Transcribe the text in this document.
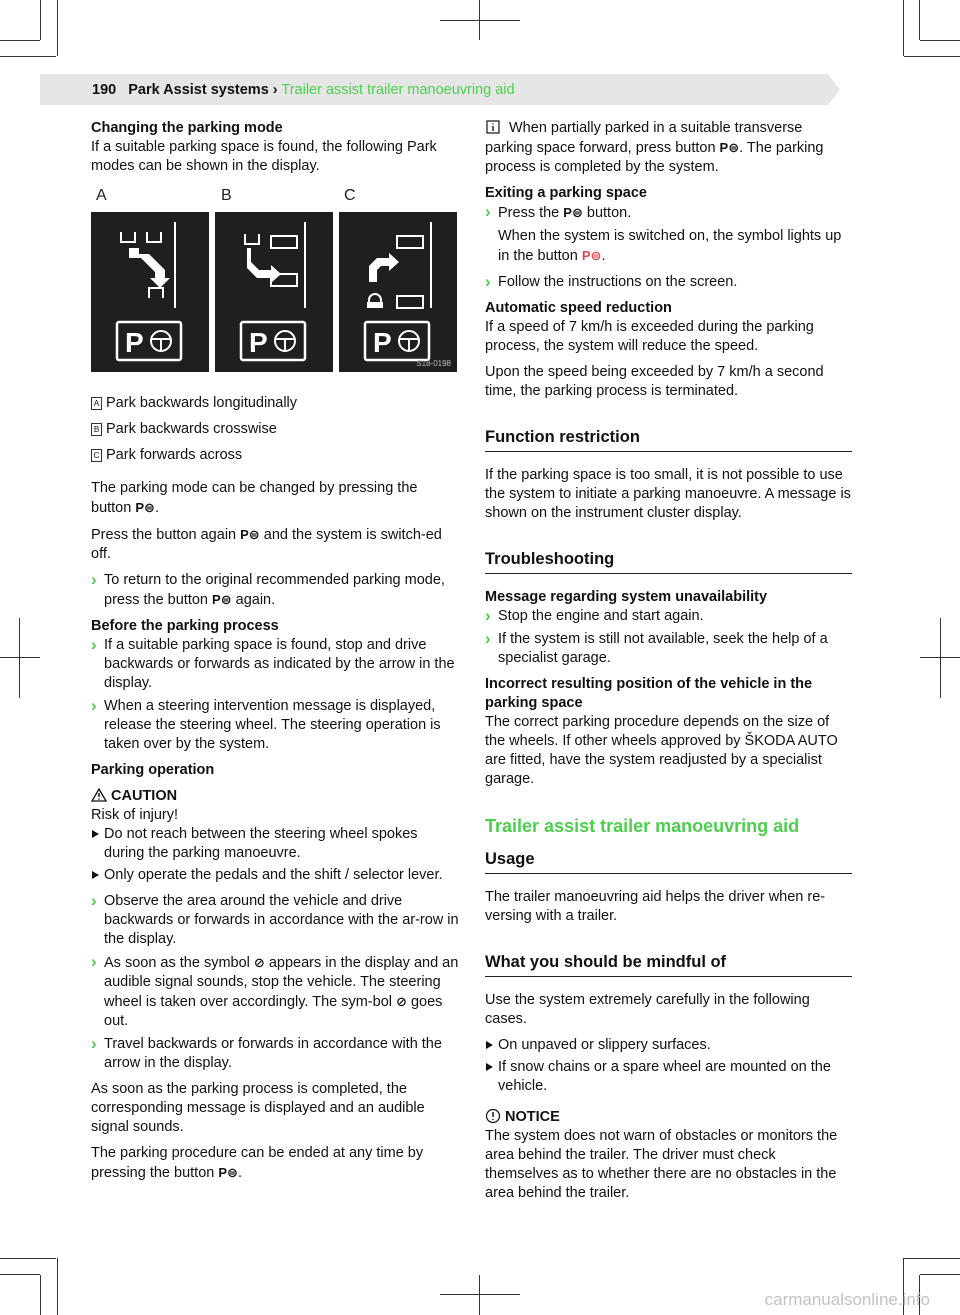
190 Park Assist systems › Trailer assist trailer manoeuvring aid
Changing the parking mode

If a suitable parking space is found, the following Park modes can be shown in the display.

A	B	C
P	P	P
S18-0198
A Park backwards longitudinally
B Park backwards crosswise
C Park forwards across

The parking mode can be changed by pressing the button P⊜.

Press the button again P⊜ and the system is switch-ed off.

› To return to the original recommended parking mode, press the button P⊜ again.
Before the parking process
› If a suitable parking space is found, stop and drive backwards or forwards as indicated by the arrow in the display.
› When a steering intervention message is displayed, release the steering wheel. The steering operation is taken over by the system.
Parking operation
CAUTION
Risk of injury!
Do not reach between the steering wheel spokes during the parking manoeuvre.
Only operate the pedals and the shift / selector lever.
› Observe the area around the vehicle and drive backwards or forwards in accordance with the ar-row in the display.
› As soon as the symbol ⊘ appears in the display and an audible signal sounds, stop the vehicle. The steering wheel is taken over accordingly. The sym-bol ⊘ goes out.
› Travel backwards or forwards in accordance with the arrow in the display.

As soon as the parking process is completed, the corresponding message is displayed and an audible signal sounds.

The parking procedure can be ended at any time by pressing the button P⊜.

When partially parked in a suitable transverse parking space forward, press button P⊜. The parking process is completed by the system.

Exiting a parking space
› Press the P⊜ button.

When the system is switched on, the symbol lights up in the button P⊜.

› Follow the instructions on the screen.
Automatic speed reduction

If a speed of 7 km/h is exceeded during the parking process, the system will reduce the speed.

Upon the speed being exceeded by 7 km/h a second time, the parking process is terminated.

Function restriction

If the parking space is too small, it is not possible to use the system to initiate a parking manoeuvre. A message is shown on the instrument cluster display.

Troubleshooting
Message regarding system unavailability
› Stop the engine and start again.
› If the system is still not available, seek the help of a specialist garage.
Incorrect resulting position of the vehicle in the parking space

The correct parking procedure depends on the size of the wheels. If other wheels approved by ŠKODA AUTO are fitted, have the system readjusted by a specialist garage.

Trailer assist trailer manoeuvring aid
Usage

The trailer manoeuvring aid helps the driver when re-versing with a trailer.

What you should be mindful of

Use the system extremely carefully in the following cases.

On unpaved or slippery surfaces.
If snow chains or a spare wheel are mounted on the vehicle.
NOTICE
The system does not warn of obstacles or monitors the area behind the trailer. The driver must check themselves as to whether there are no obstacles in the area behind the trailer.
carmanualsonline.info
